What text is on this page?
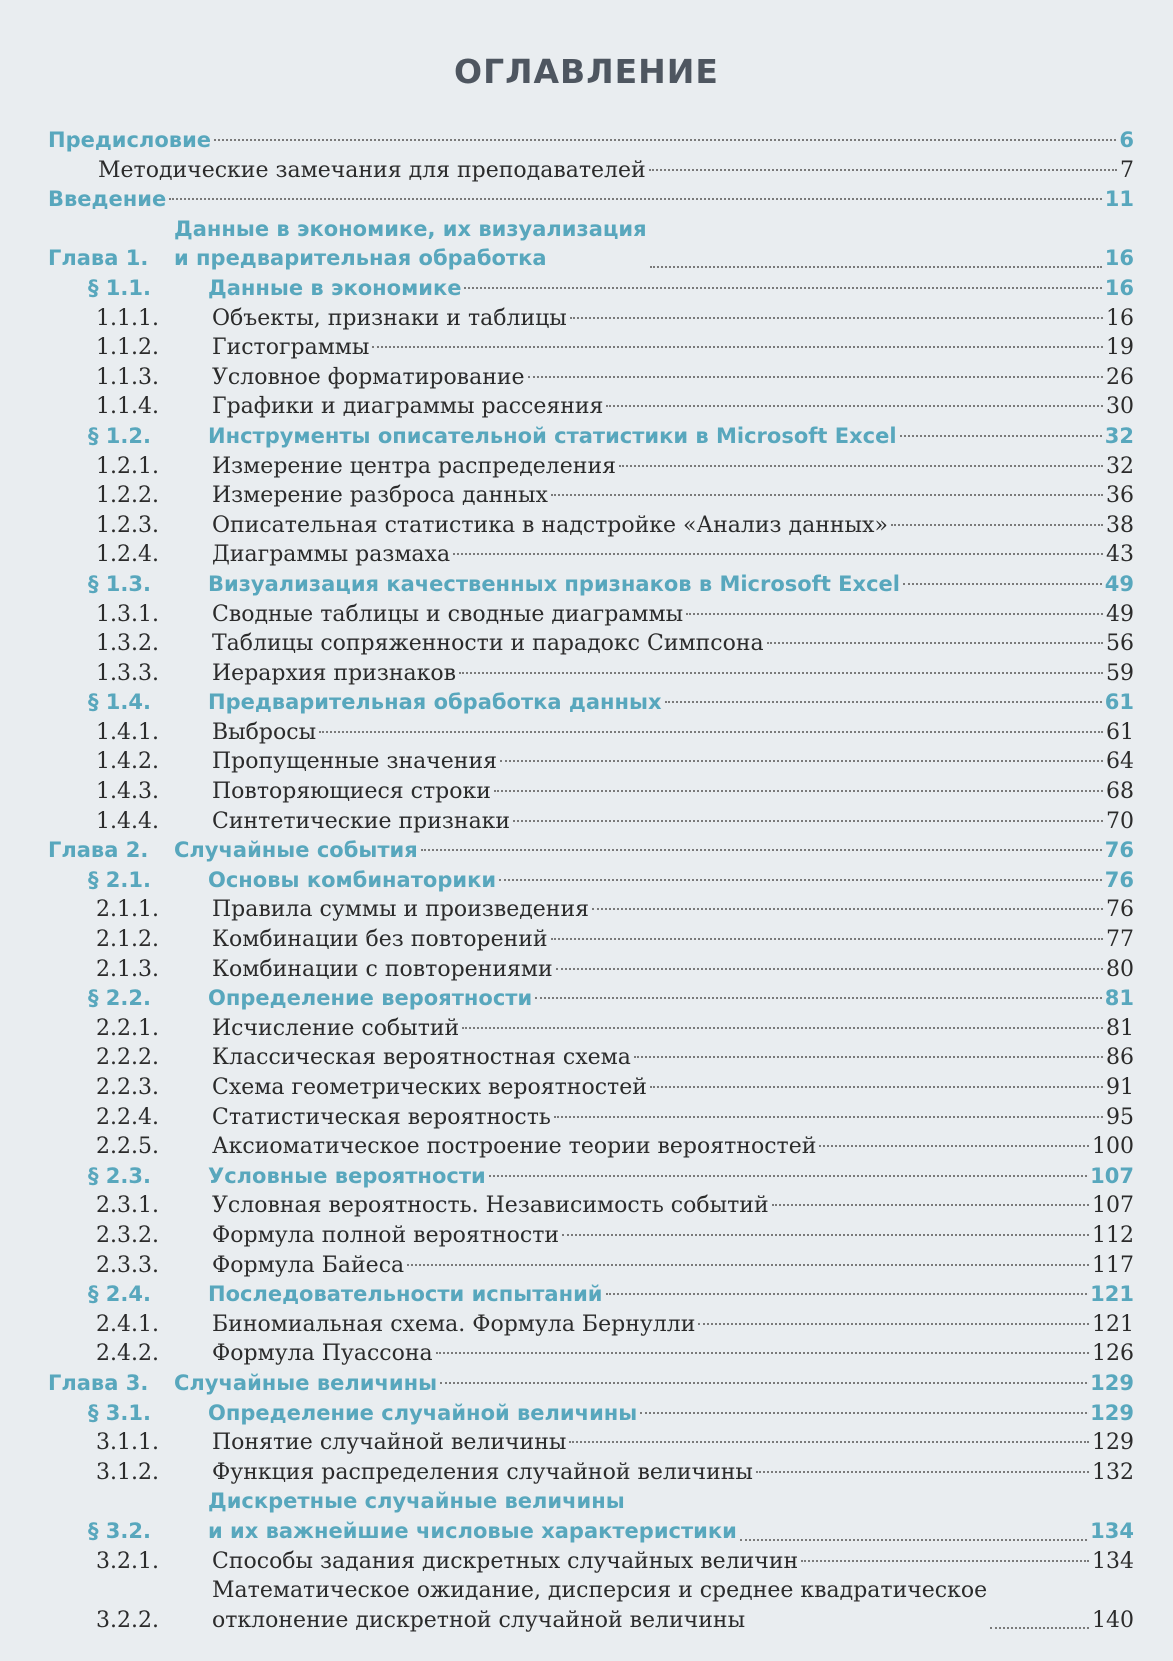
ОГЛАВЛЕНИЕ
Предисловие	6
Методические замечания для преподавателей	7
Введение	11
Глава 1.
Данные в экономике, их визуализация
и предварительная обработка	16
§ 1.1.	Данные в экономике	16
1.1.1.	Объекты, признаки и таблицы	16
1.1.2.	Гистограммы	19
1.1.3.	Условное форматирование	26
1.1.4.	Графики и диаграммы рассеяния	30
§ 1.2.	Инструменты описательной статистики в Microsoft Excel	32
1.2.1.	Измерение центра распределения	32
1.2.2.	Измерение разброса данных	36
1.2.3.	Описательная статистика в надстройке «Анализ данных»	38
1.2.4.	Диаграммы размаха	43
§ 1.3.	Визуализация качественных признаков в Microsoft Excel	49
1.3.1.	Сводные таблицы и сводные диаграммы	49
1.3.2.	Таблицы сопряженности и парадокс Симпсона	56
1.3.3.	Иерархия признаков	59
§ 1.4.	Предварительная обработка данных	61
1.4.1.	Выбросы	61
1.4.2.	Пропущенные значения	64
1.4.3.	Повторяющиеся строки	68
1.4.4.	Синтетические признаки	70
Глава 2.	Случайные события	76
§ 2.1.	Основы комбинаторики	76
2.1.1.	Правила суммы и произведения	76
2.1.2.	Комбинации без повторений	77
2.1.3.	Комбинации с повторениями	80
§ 2.2.	Определение вероятности	81
2.2.1.	Исчисление событий	81
2.2.2.	Классическая вероятностная схема	86
2.2.3.	Схема геометрических вероятностей	91
2.2.4.	Статистическая вероятность	95
2.2.5.	Аксиоматическое построение теории вероятностей	100
§ 2.3.	Условные вероятности	107
2.3.1.	Условная вероятность. Независимость событий	107
2.3.2.	Формула полной вероятности	112
2.3.3.	Формула Байеса	117
§ 2.4.	Последовательности испытаний	121
2.4.1.	Биномиальная схема. Формула Бернулли	121
2.4.2.	Формула Пуассона	126
Глава 3.	Случайные величины	129
§ 3.1.	Определение случайной величины	129
3.1.1.	Понятие случайной величины	129
3.1.2.	Функция распределения случайной величины	132
§ 3.2.
Дискретные случайные величины
и их важнейшие числовые характеристики	134
3.2.1.	Способы задания дискретных случайных величин	134
3.2.2.
Математическое ожидание, дисперсия и среднее квадратическое
отклонение дискретной случайной величины	140
